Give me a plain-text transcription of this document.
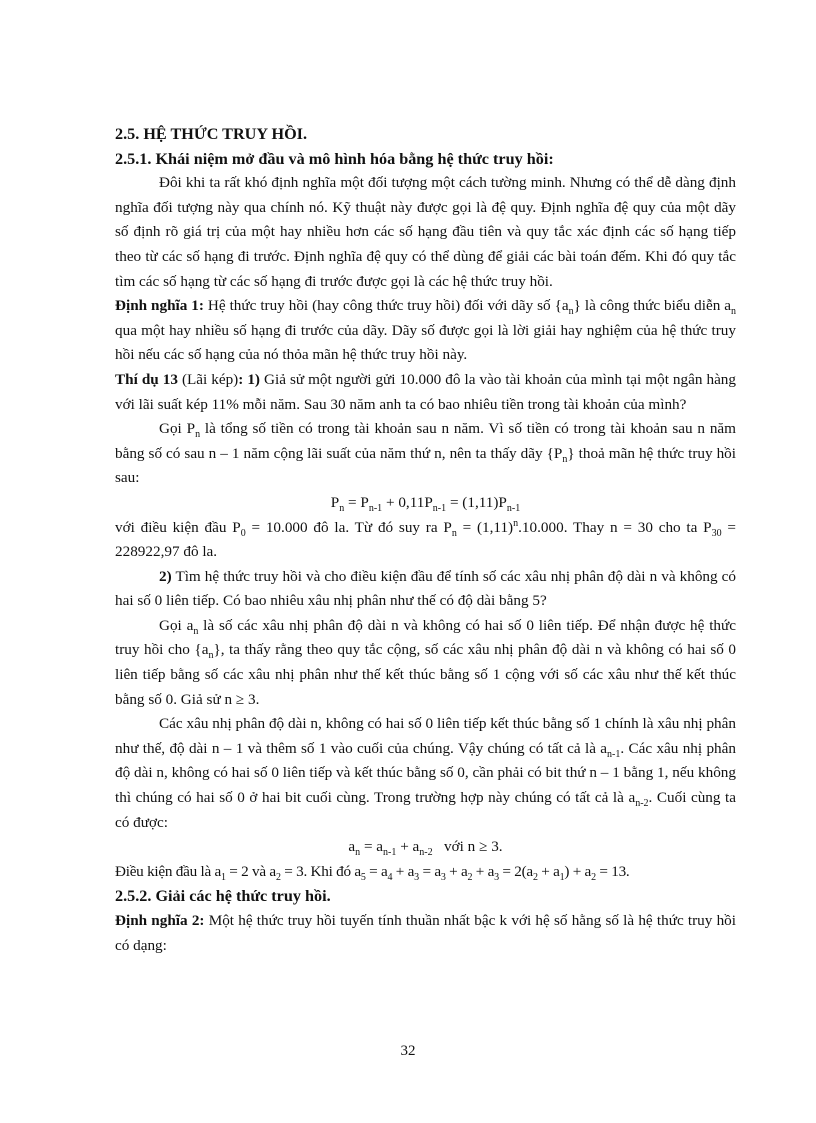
2.5. HỆ THỨC TRUY HỒI.

2.5.1. Khái niệm mở đầu và mô hình hóa bằng hệ thức truy hồi:

Đôi khi ta rất khó định nghĩa một đối tượng một cách tường minh. Nhưng có thể dễ dàng định nghĩa đối tượng này qua chính nó. Kỹ thuật này được gọi là đệ quy. Định nghĩa đệ quy của một dãy số định rõ giá trị của một hay nhiều hơn các số hạng đầu tiên và quy tắc xác định các số hạng tiếp theo từ các số hạng đi trước. Định nghĩa đệ quy có thể dùng để giải các bài toán đếm. Khi đó quy tắc tìm các số hạng từ các số hạng đi trước được gọi là các hệ thức truy hồi.

Định nghĩa 1: Hệ thức truy hồi (hay công thức truy hồi) đối với dãy số $\{a_n\}$ là công thức biểu diễn $a_n$ qua một hay nhiều số hạng đi trước của dãy. Dãy số được gọi là lời giải hay nghiệm của hệ thức truy hồi nếu các số hạng của nó thỏa mãn hệ thức truy hồi này.

Thí dụ 13 (Lãi kép): 1) Giả sử một người gửi 10.000 đô la vào tài khoản của mình tại một ngân hàng với lãi suất kép 11% mỗi năm. Sau 30 năm anh ta có bao nhiêu tiền trong tài khoản của mình?

Gọi $P_n$ là tổng số tiền có trong tài khoản sau n năm. Vì số tiền có trong tài khoản sau n năm bằng số có sau n – 1 năm cộng lãi suất của năm thứ n, nên ta thấy dãy $\{P_n\}$ thoả mãn hệ thức truy hồi sau:

$P_n = P_{n-1} + 0,11P_{n-1} = (1,11)P_{n-1}$

với điều kiện đầu $P_0 = 10.000$ đô la. Từ đó suy ra $P_n = (1,11)^n.10.000$. Thay n = 30 cho ta $P_{30} = 228922,97$ đô la.

2) Tìm hệ thức truy hồi và cho điều kiện đầu để tính số các xâu nhị phân độ dài n và không có hai số 0 liên tiếp. Có bao nhiêu xâu nhị phân như thế có độ dài bằng 5?

Gọi $a_n$ là số các xâu nhị phân độ dài n và không có hai số 0 liên tiếp. Để nhận được hệ thức truy hồi cho $\{a_n\}$, ta thấy rằng theo quy tắc cộng, số các xâu nhị phân độ dài n và không có hai số 0 liên tiếp bằng số các xâu nhị phân như thế kết thúc bằng số 1 cộng với số các xâu như thế kết thúc bằng số 0. Giả sử n ≥ 3.

Các xâu nhị phân độ dài n, không có hai số 0 liên tiếp kết thúc bằng số 1 chính là xâu nhị phân như thế, độ dài n – 1 và thêm số 1 vào cuối của chúng. Vậy chúng có tất cả là $a_{n-1}$. Các xâu nhị phân độ dài n, không có hai số 0 liên tiếp và kết thúc bằng số 0, cần phải có bit thứ n – 1 bằng 1, nếu không thì chúng có hai số 0 ở hai bit cuối cùng. Trong trường hợp này chúng có tất cả là $a_{n-2}$. Cuối cùng ta có được:

$a_n = a_{n-1} + a_{n-2}$   với n ≥ 3.

Điều kiện đầu là $a_1 = 2$ và $a_2 = 3$. Khi đó $a_5 = a_4 + a_3 = a_3 + a_2 + a_3 = 2(a_2 + a_1) + a_2 = 13$.

2.5.2. Giải các hệ thức truy hồi.

Định nghĩa 2: Một hệ thức truy hồi tuyến tính thuần nhất bậc k với hệ số hằng số là hệ thức truy hồi có dạng:

32
